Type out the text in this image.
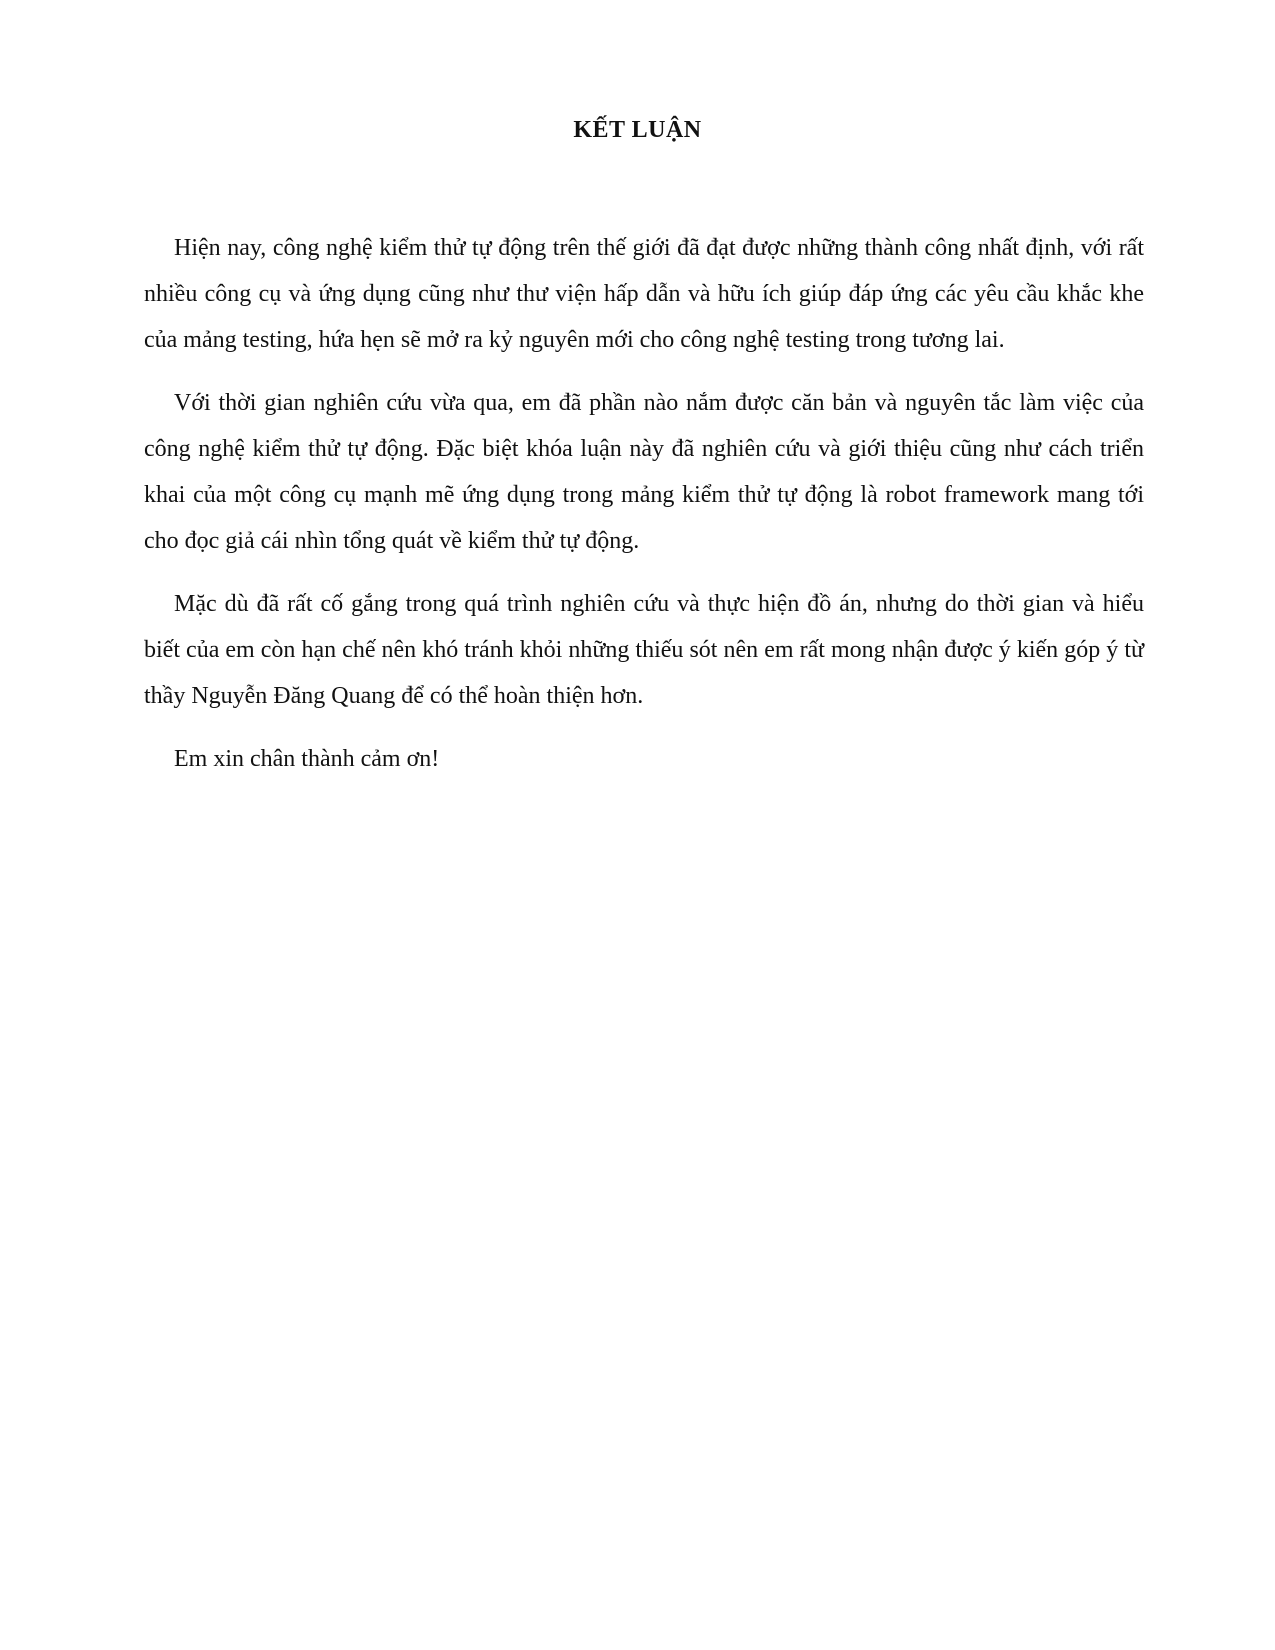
KẾT LUẬN

Hiện nay, công nghệ kiểm thử tự động trên thế giới đã đạt được những thành công nhất định, với rất nhiều công cụ và ứng dụng cũng như thư viện hấp dẫn và hữu ích giúp đáp ứng các yêu cầu khắc khe của mảng testing, hứa hẹn sẽ mở ra kỷ nguyên mới cho công nghệ testing trong tương lai.

Với thời gian nghiên cứu vừa qua, em đã phần nào nắm được căn bản và nguyên tắc làm việc của công nghệ kiểm thử tự động. Đặc biệt khóa luận này đã nghiên cứu và giới thiệu cũng như cách triển khai của một công cụ mạnh mẽ ứng dụng trong mảng kiểm thử tự động là robot framework mang tới cho đọc giả cái nhìn tổng quát về kiểm thử tự động.

Mặc dù đã rất cố gắng trong quá trình nghiên cứu và thực hiện đồ án, nhưng do thời gian và hiểu biết của em còn hạn chế nên khó tránh khỏi những thiếu sót nên em rất mong nhận được ý kiến góp ý từ thầy Nguyễn Đăng Quang để có thể hoàn thiện hơn.

Em xin chân thành cảm ơn!
